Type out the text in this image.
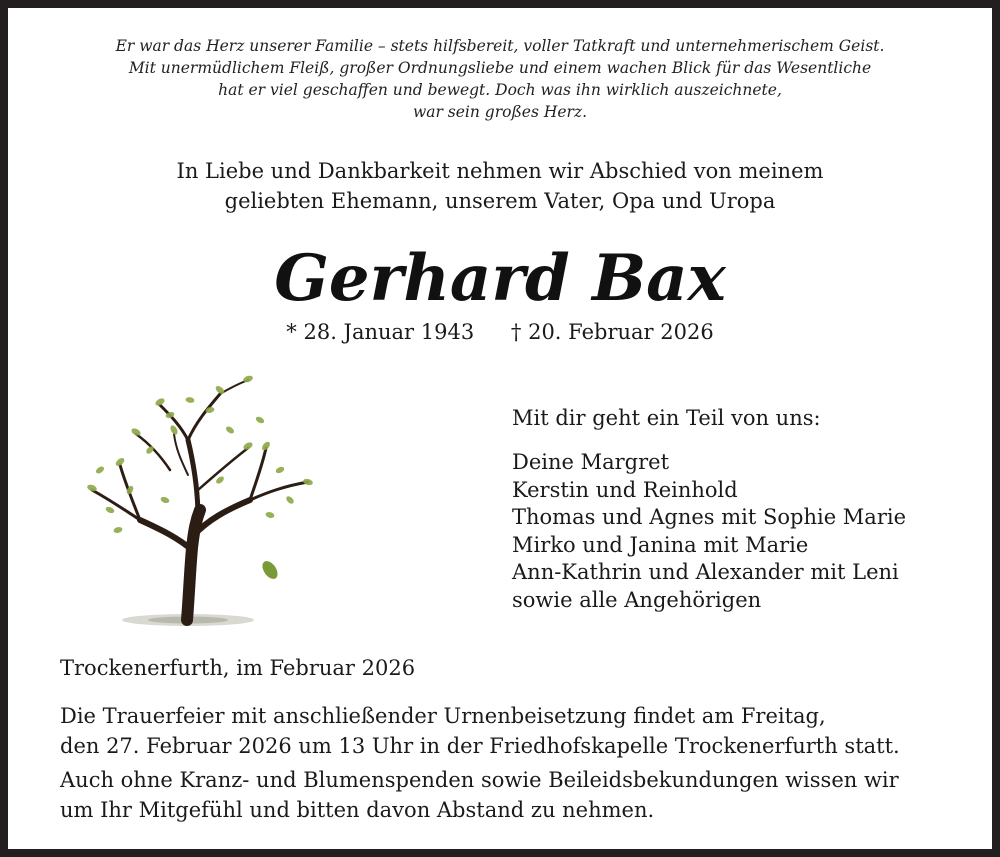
Er war das Herz unserer Familie – stets hilfsbereit, voller Tatkraft und unternehmerischem Geist.
Mit unermüdlichem Fleiß, großer Ordnungsliebe und einem wachen Blick für das Wesentliche
hat er viel geschaffen und bewegt. Doch was ihn wirklich auszeichnete,
war sein großes Herz.
In Liebe und Dankbarkeit nehmen wir Abschied von meinem
geliebten Ehemann, unserem Vater, Opa und Uropa
Gerhard Bax
* 28. Januar 1943 † 20. Februar 2026
Mit dir geht ein Teil von uns:
Deine Margret
Kerstin und Reinhold
Thomas und Agnes mit Sophie Marie
Mirko und Janina mit Marie
Ann-Kathrin und Alexander mit Leni
sowie alle Angehörigen
Trockenerfurth, im Februar 2026
Die Trauerfeier mit anschließender Urnenbeisetzung findet am Freitag,
den 27. Februar 2026 um 13 Uhr in der Friedhofskapelle Trockenerfurth statt.
Auch ohne Kranz- und Blumenspenden sowie Beileidsbekundungen wissen wir
um Ihr Mitgefühl und bitten davon Abstand zu nehmen.
